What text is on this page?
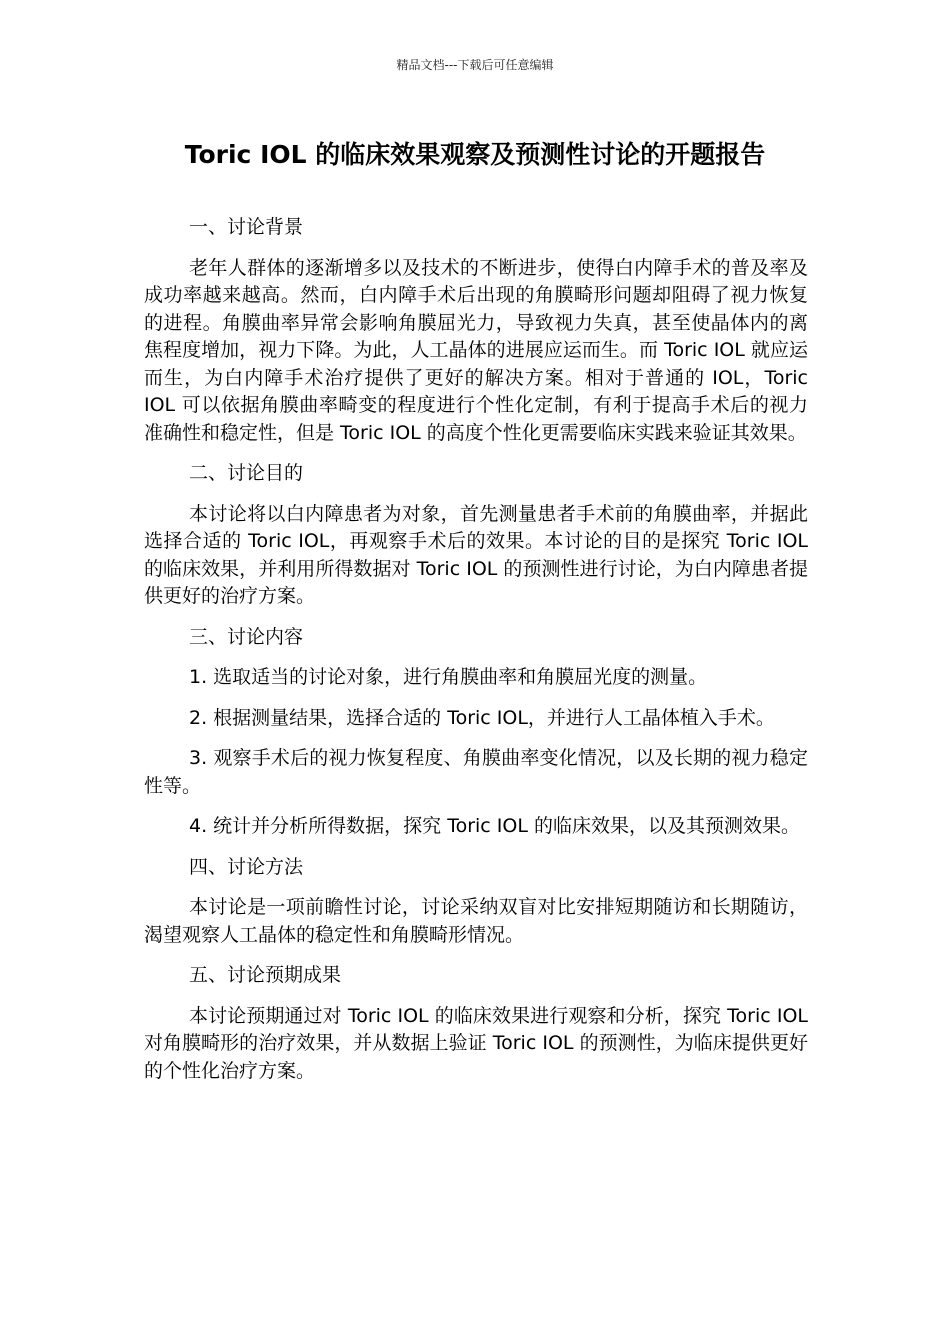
精品文档---下载后可任意编辑
Toric IOL 的临床效果观察及预测性讨论的开题报告
一、讨论背景

老年人群体的逐渐增多以及技术的不断进步，使得白内障手术的普及率及成功率越来越高。然而，白内障手术后出现的角膜畸形问题却阻碍了视力恢复的进程。角膜曲率异常会影响角膜屈光力，导致视力失真，甚至使晶体内的离焦程度增加，视力下降。为此，人工晶体的进展应运而生。而 Toric IOL 就应运而生，为白内障手术治疗提供了更好的解决方案。相对于普通的 IOL，Toric IOL 可以依据角膜曲率畸变的程度进行个性化定制，有利于提高手术后的视力准确性和稳定性，但是 Toric IOL 的高度个性化更需要临床实践来验证其效果。

二、讨论目的

本讨论将以白内障患者为对象，首先测量患者手术前的角膜曲率，并据此选择合适的 Toric IOL，再观察手术后的效果。本讨论的目的是探究 Toric IOL 的临床效果，并利用所得数据对 Toric IOL 的预测性进行讨论，为白内障患者提供更好的治疗方案。

三、讨论内容

1. 选取适当的讨论对象，进行角膜曲率和角膜屈光度的测量。

2. 根据测量结果，选择合适的 Toric IOL，并进行人工晶体植入手术。

3. 观察手术后的视力恢复程度、角膜曲率变化情况，以及长期的视力稳定性等。

4. 统计并分析所得数据，探究 Toric IOL 的临床效果，以及其预测效果。

四、讨论方法

本讨论是一项前瞻性讨论，讨论采纳双盲对比安排短期随访和长期随访，渴望观察人工晶体的稳定性和角膜畸形情况。

五、讨论预期成果

本讨论预期通过对 Toric IOL 的临床效果进行观察和分析，探究 Toric IOL 对角膜畸形的治疗效果，并从数据上验证 Toric IOL 的预测性，为临床提供更好的个性化治疗方案。
